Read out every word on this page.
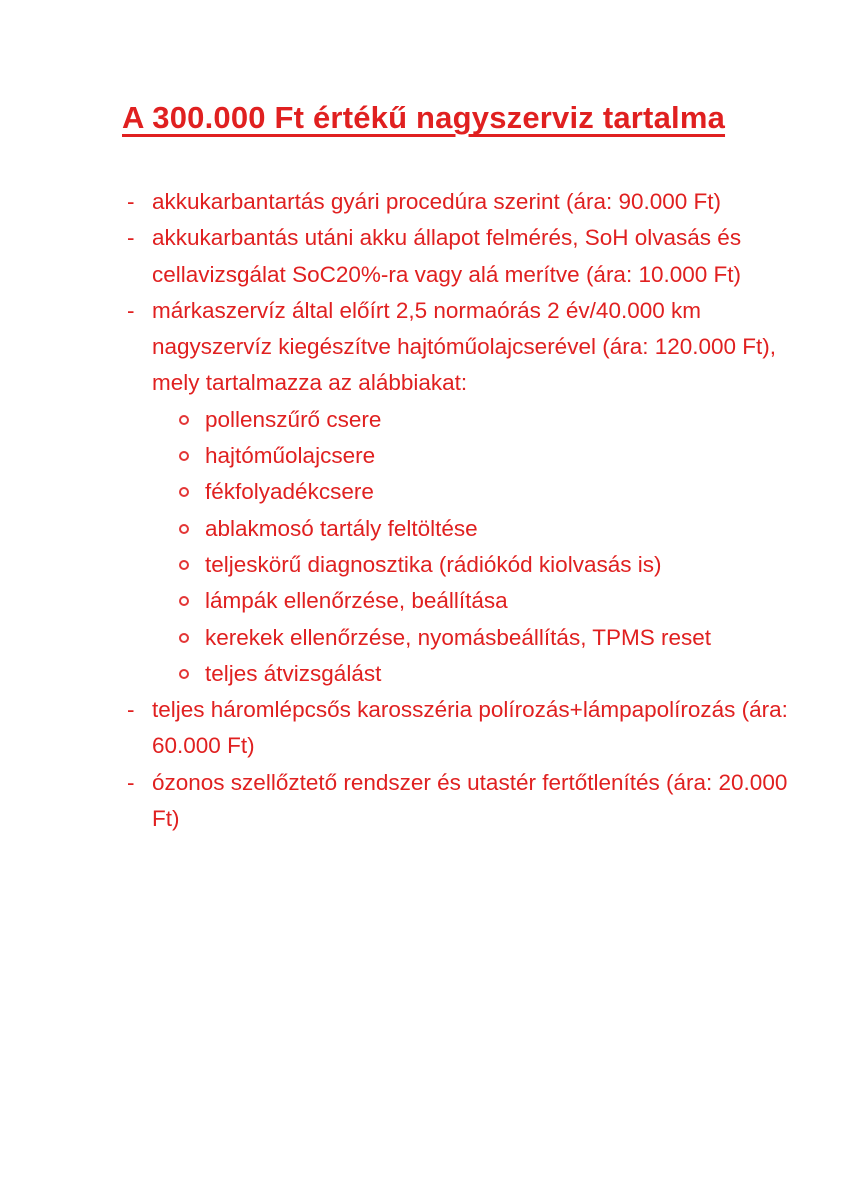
A 300.000 Ft értékű nagyszerviz tartalma
- akkukarbantartás gyári procedúra szerint (ára: 90.000 Ft)
- akkukarbantás utáni akku állapot felmérés, SoH olvasás és cellavizsgálat SoC20%-ra vagy alá merítve (ára: 10.000 Ft)
- márkaszervíz által előírt 2,5 normaórás 2 év/40.000 km nagyszervíz kiegészítve hajtóműolajcserével (ára: 120.000 Ft), mely tartalmazza az alábbiakat:
pollenszűrő csere
hajtóműolajcsere
fékfolyadékcsere
ablakmosó tartály feltöltése
teljeskörű diagnosztika (rádiókód kiolvasás is)
lámpák ellenőrzése, beállítása
kerekek ellenőrzése, nyomásbeállítás, TPMS reset
teljes átvizsgálást
- teljes háromlépcsős karosszéria polírozás+lámpapolírozás (ára: 60.000 Ft)
- ózonos szellőztető rendszer és utastér fertőtlenítés (ára: 20.000 Ft)
